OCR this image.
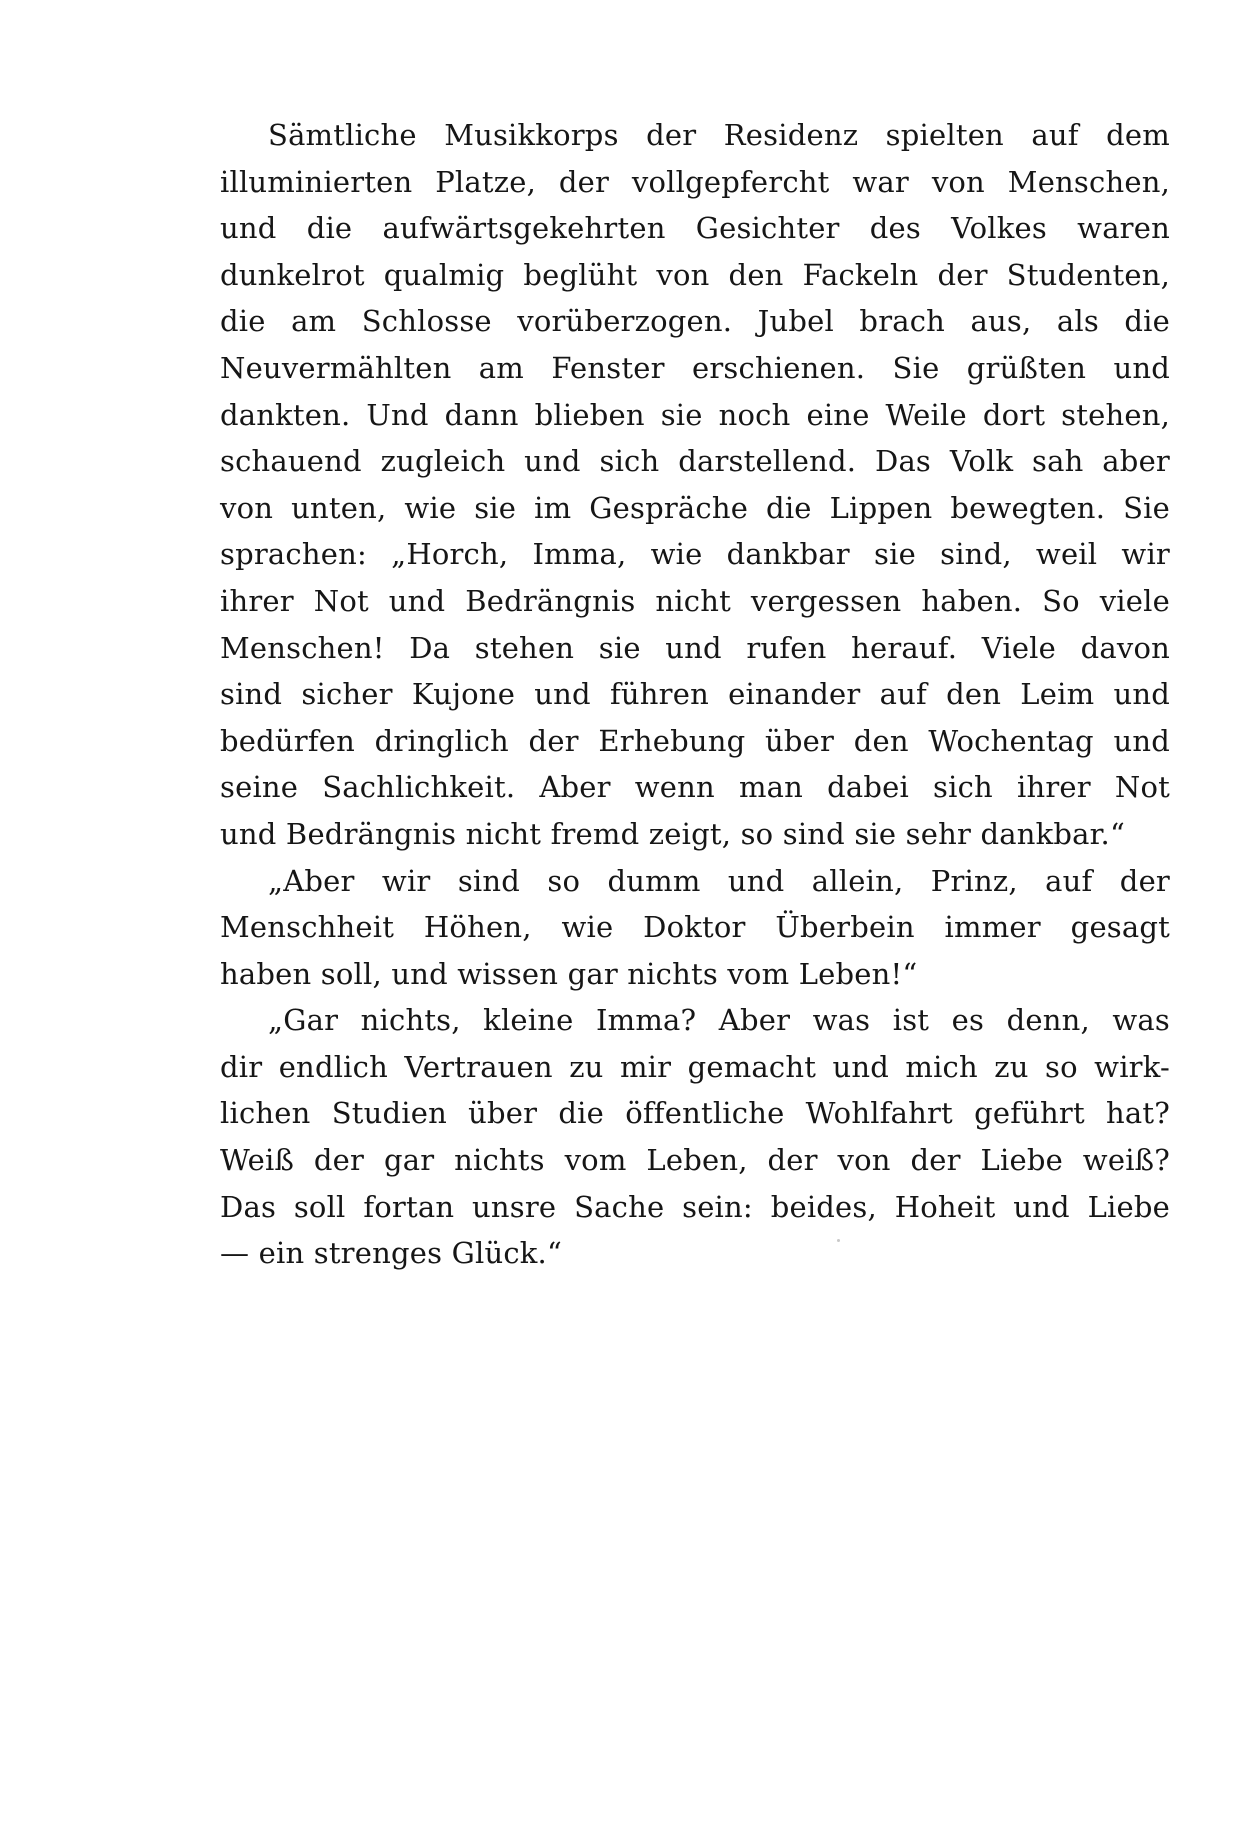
Sämtliche Musikkorps der Residenz spielten auf dem
illuminierten Platze, der vollgepfercht war von Menschen,
und die aufwärtsgekehrten Gesichter des Volkes waren
dunkelrot qualmig beglüht von den Fackeln der Studenten,
die am Schlosse vorüberzogen. Jubel brach aus, als die
Neuvermählten am Fenster erschienen. Sie grüßten und
dankten. Und dann blieben sie noch eine Weile dort stehen,
schauend zugleich und sich darstellend. Das Volk sah aber
von unten, wie sie im Gespräche die Lippen bewegten. Sie
sprachen: „Horch, Imma, wie dankbar sie sind, weil wir
ihrer Not und Bedrängnis nicht vergessen haben. So viele
Menschen! Da stehen sie und rufen herauf. Viele davon
sind sicher Kujone und führen einander auf den Leim und
bedürfen dringlich der Erhebung über den Wochentag und
seine Sachlichkeit. Aber wenn man dabei sich ihrer Not
und Bedrängnis nicht fremd zeigt, so sind sie sehr dankbar.“
„Aber wir sind so dumm und allein, Prinz, auf der
Menschheit Höhen, wie Doktor Überbein immer gesagt
haben soll, und wissen gar nichts vom Leben!“
„Gar nichts, kleine Imma? Aber was ist es denn, was
dir endlich Vertrauen zu mir gemacht und mich zu so wirk-
lichen Studien über die öffentliche Wohlfahrt geführt hat?
Weiß der gar nichts vom Leben, der von der Liebe weiß?
Das soll fortan unsre Sache sein: beides, Hoheit und Liebe
— ein strenges Glück.“
